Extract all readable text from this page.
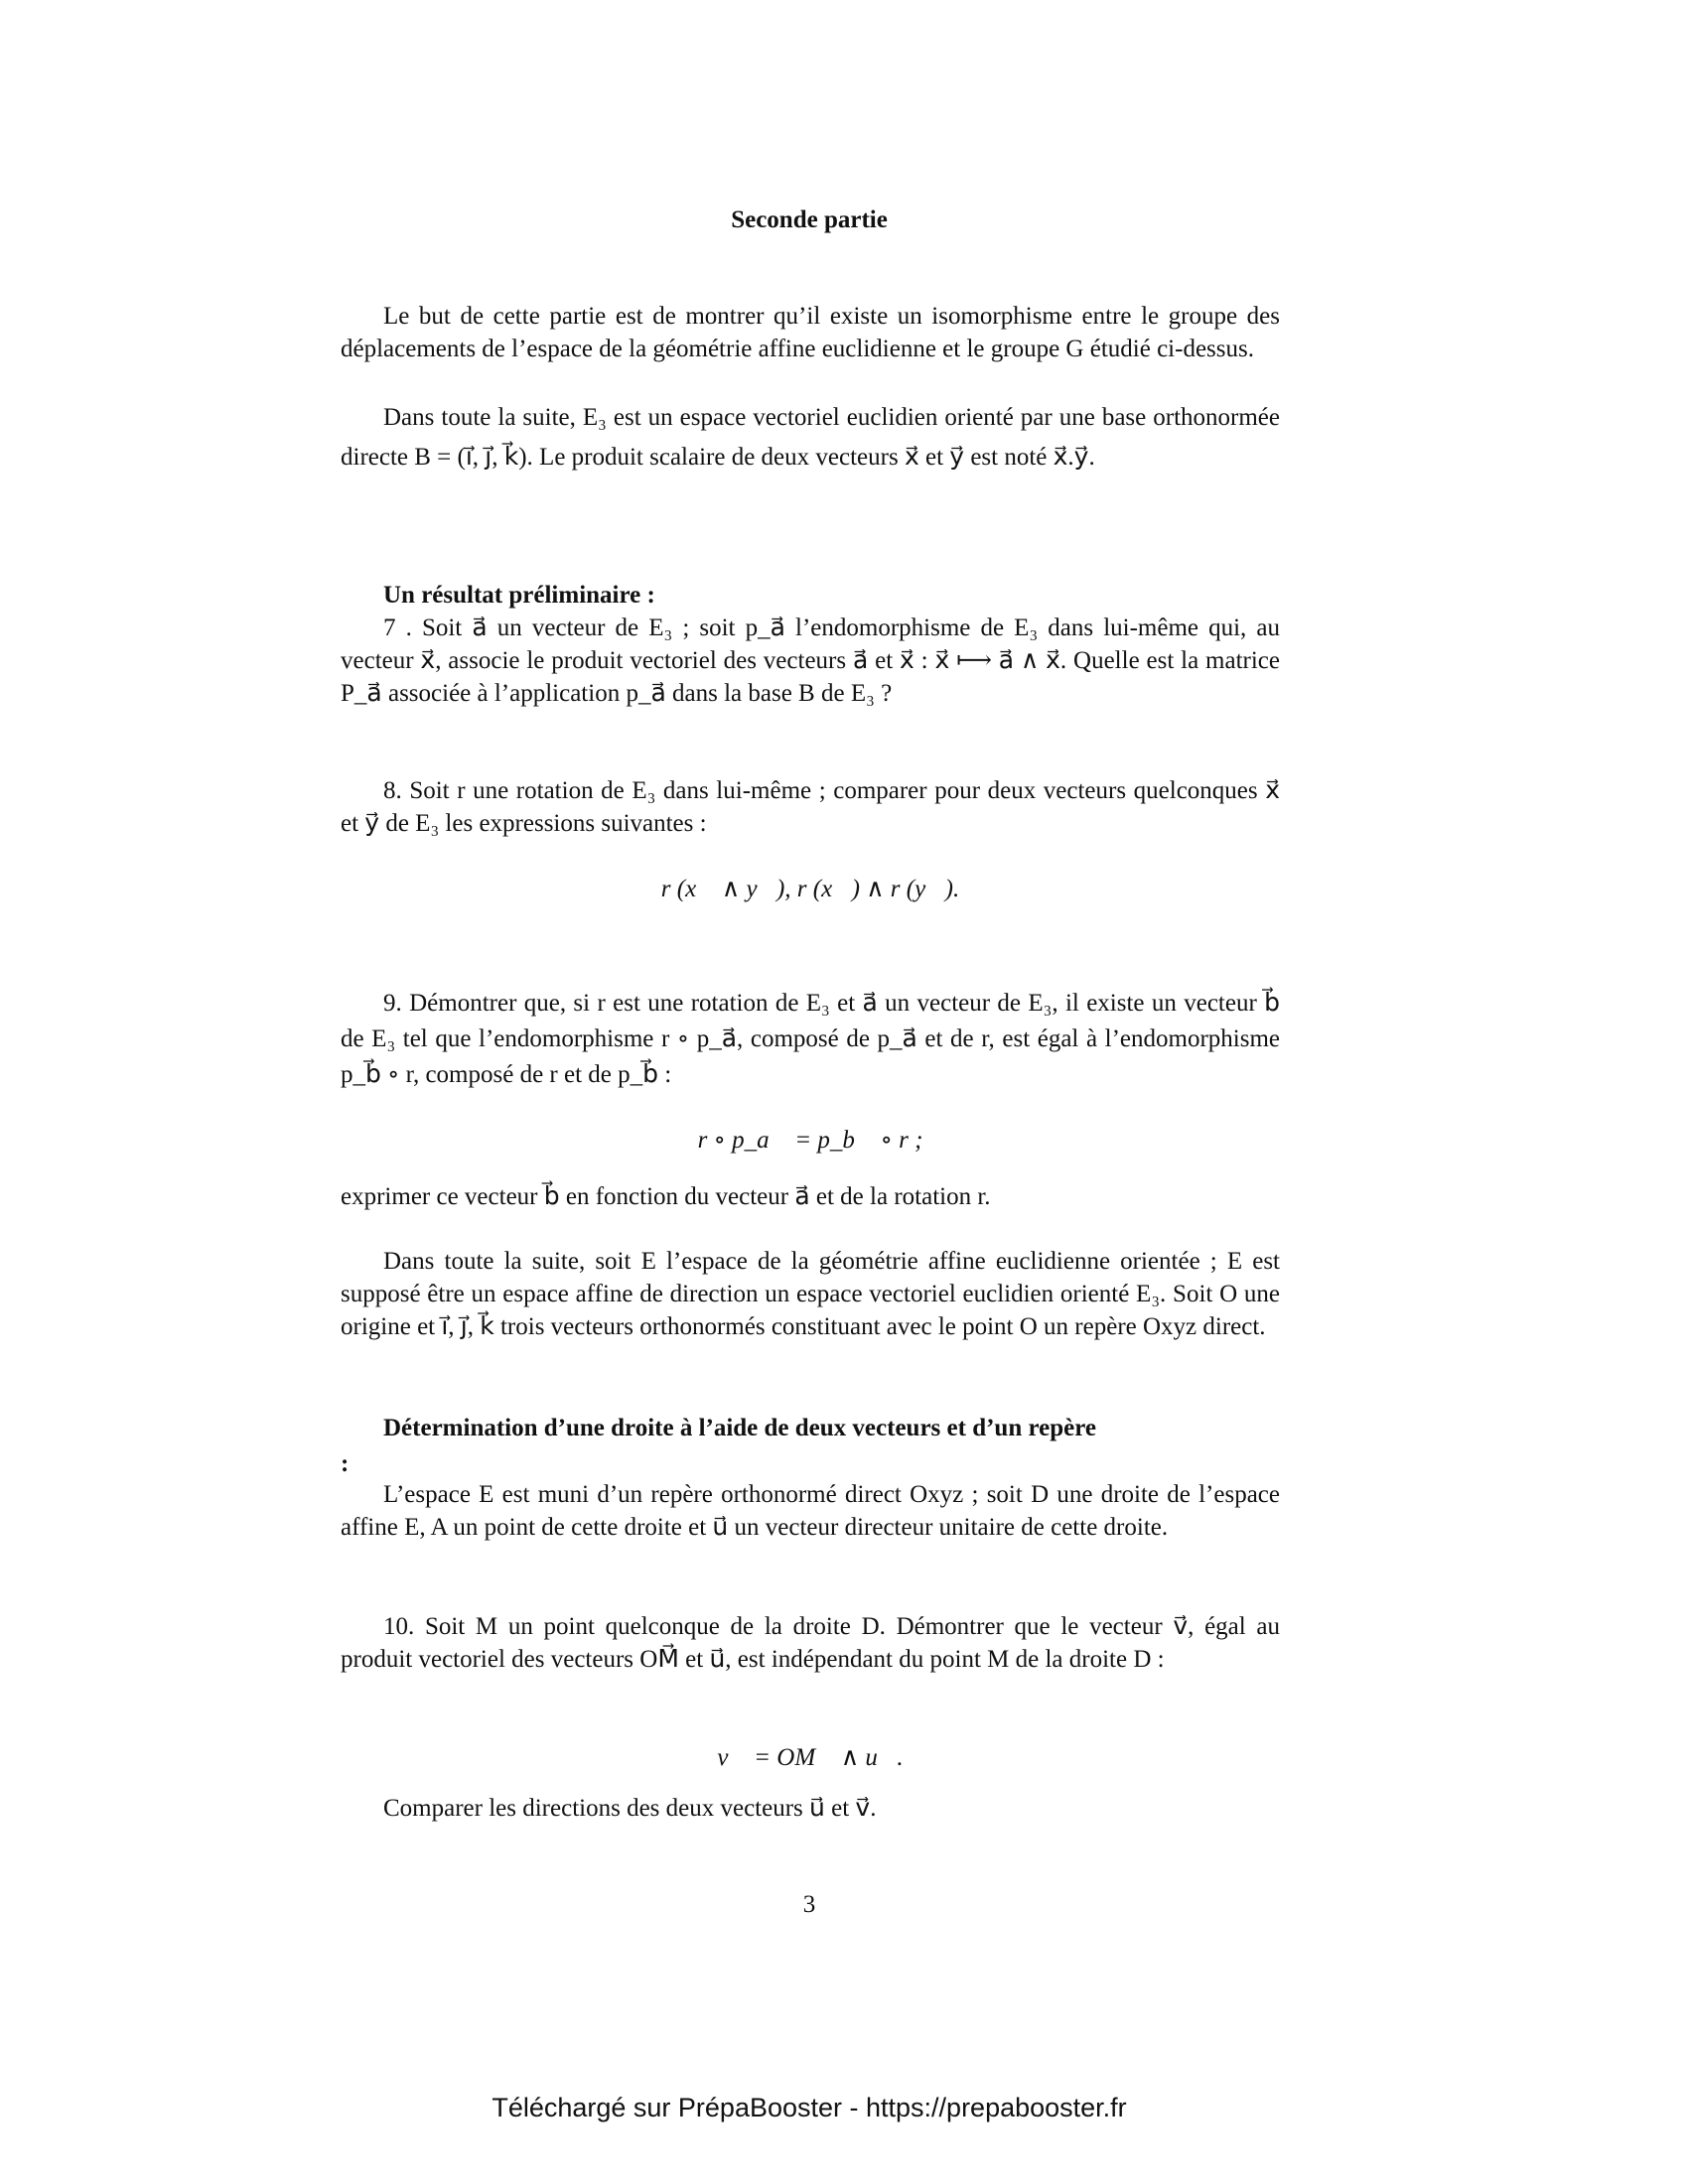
Seconde partie
Le but de cette partie est de montrer qu’il existe un isomorphisme entre le groupe des déplacements de l’espace de la géométrie affine euclidienne et le groupe G étudié ci-dessus.
Dans toute la suite, E₃ est un espace vectoriel euclidien orienté par une base orthonormée directe B = (i⃗, j⃗, k⃗). Le produit scalaire de deux vecteurs x⃗ et y⃗ est noté x⃗.y⃗.
Un résultat préliminaire :
7 . Soit a⃗ un vecteur de E₃ ; soit p_a⃗ l’endomorphisme de E₃ dans lui-même qui, au vecteur x⃗, associe le produit vectoriel des vecteurs a⃗ et x⃗ : x⃗ ⟼ a⃗ ∧ x⃗. Quelle est la matrice P_a⃗ associée à l’application p_a⃗ dans la base B de E₃ ?
8. Soit r une rotation de E₃ dans lui-même ; comparer pour deux vecteurs quelconques x⃗ et y⃗ de E₃ les expressions suivantes :
r (x⃗ ∧ y⃗), r (x⃗) ∧ r (y⃗).
9. Démontrer que, si r est une rotation de E₃ et a⃗ un vecteur de E₃, il existe un vecteur b⃗ de E₃ tel que l’endomorphisme r ∘ p_a⃗, composé de p_a⃗ et de r, est égal à l’endomorphisme p_b⃗ ∘ r, composé de r et de p_b⃗ :
r ∘ p_a⃗ = p_b⃗ ∘ r ;
exprimer ce vecteur b⃗ en fonction du vecteur a⃗ et de la rotation r.
Dans toute la suite, soit E l’espace de la géométrie affine euclidienne orientée ; E est supposé être un espace affine de direction un espace vectoriel euclidien orienté E₃. Soit O une origine et i⃗, j⃗, k⃗ trois vecteurs orthonormés constituant avec le point O un repère Oxyz direct.
Détermination d’une droite à l’aide de deux vecteurs et d’un repère
:
L’espace E est muni d’un repère orthonormé direct Oxyz ; soit D une droite de l’espace affine E, A un point de cette droite et u⃗ un vecteur directeur unitaire de cette droite.
10. Soit M un point quelconque de la droite D. Démontrer que le vecteur v⃗, égal au produit vectoriel des vecteurs OM⃗ et u⃗, est indépendant du point M de la droite D :
v⃗ = OM⃗ ∧ u⃗.
Comparer les directions des deux vecteurs u⃗ et v⃗.
3
Téléchargé sur PrépaBooster - https://prepabooster.fr
